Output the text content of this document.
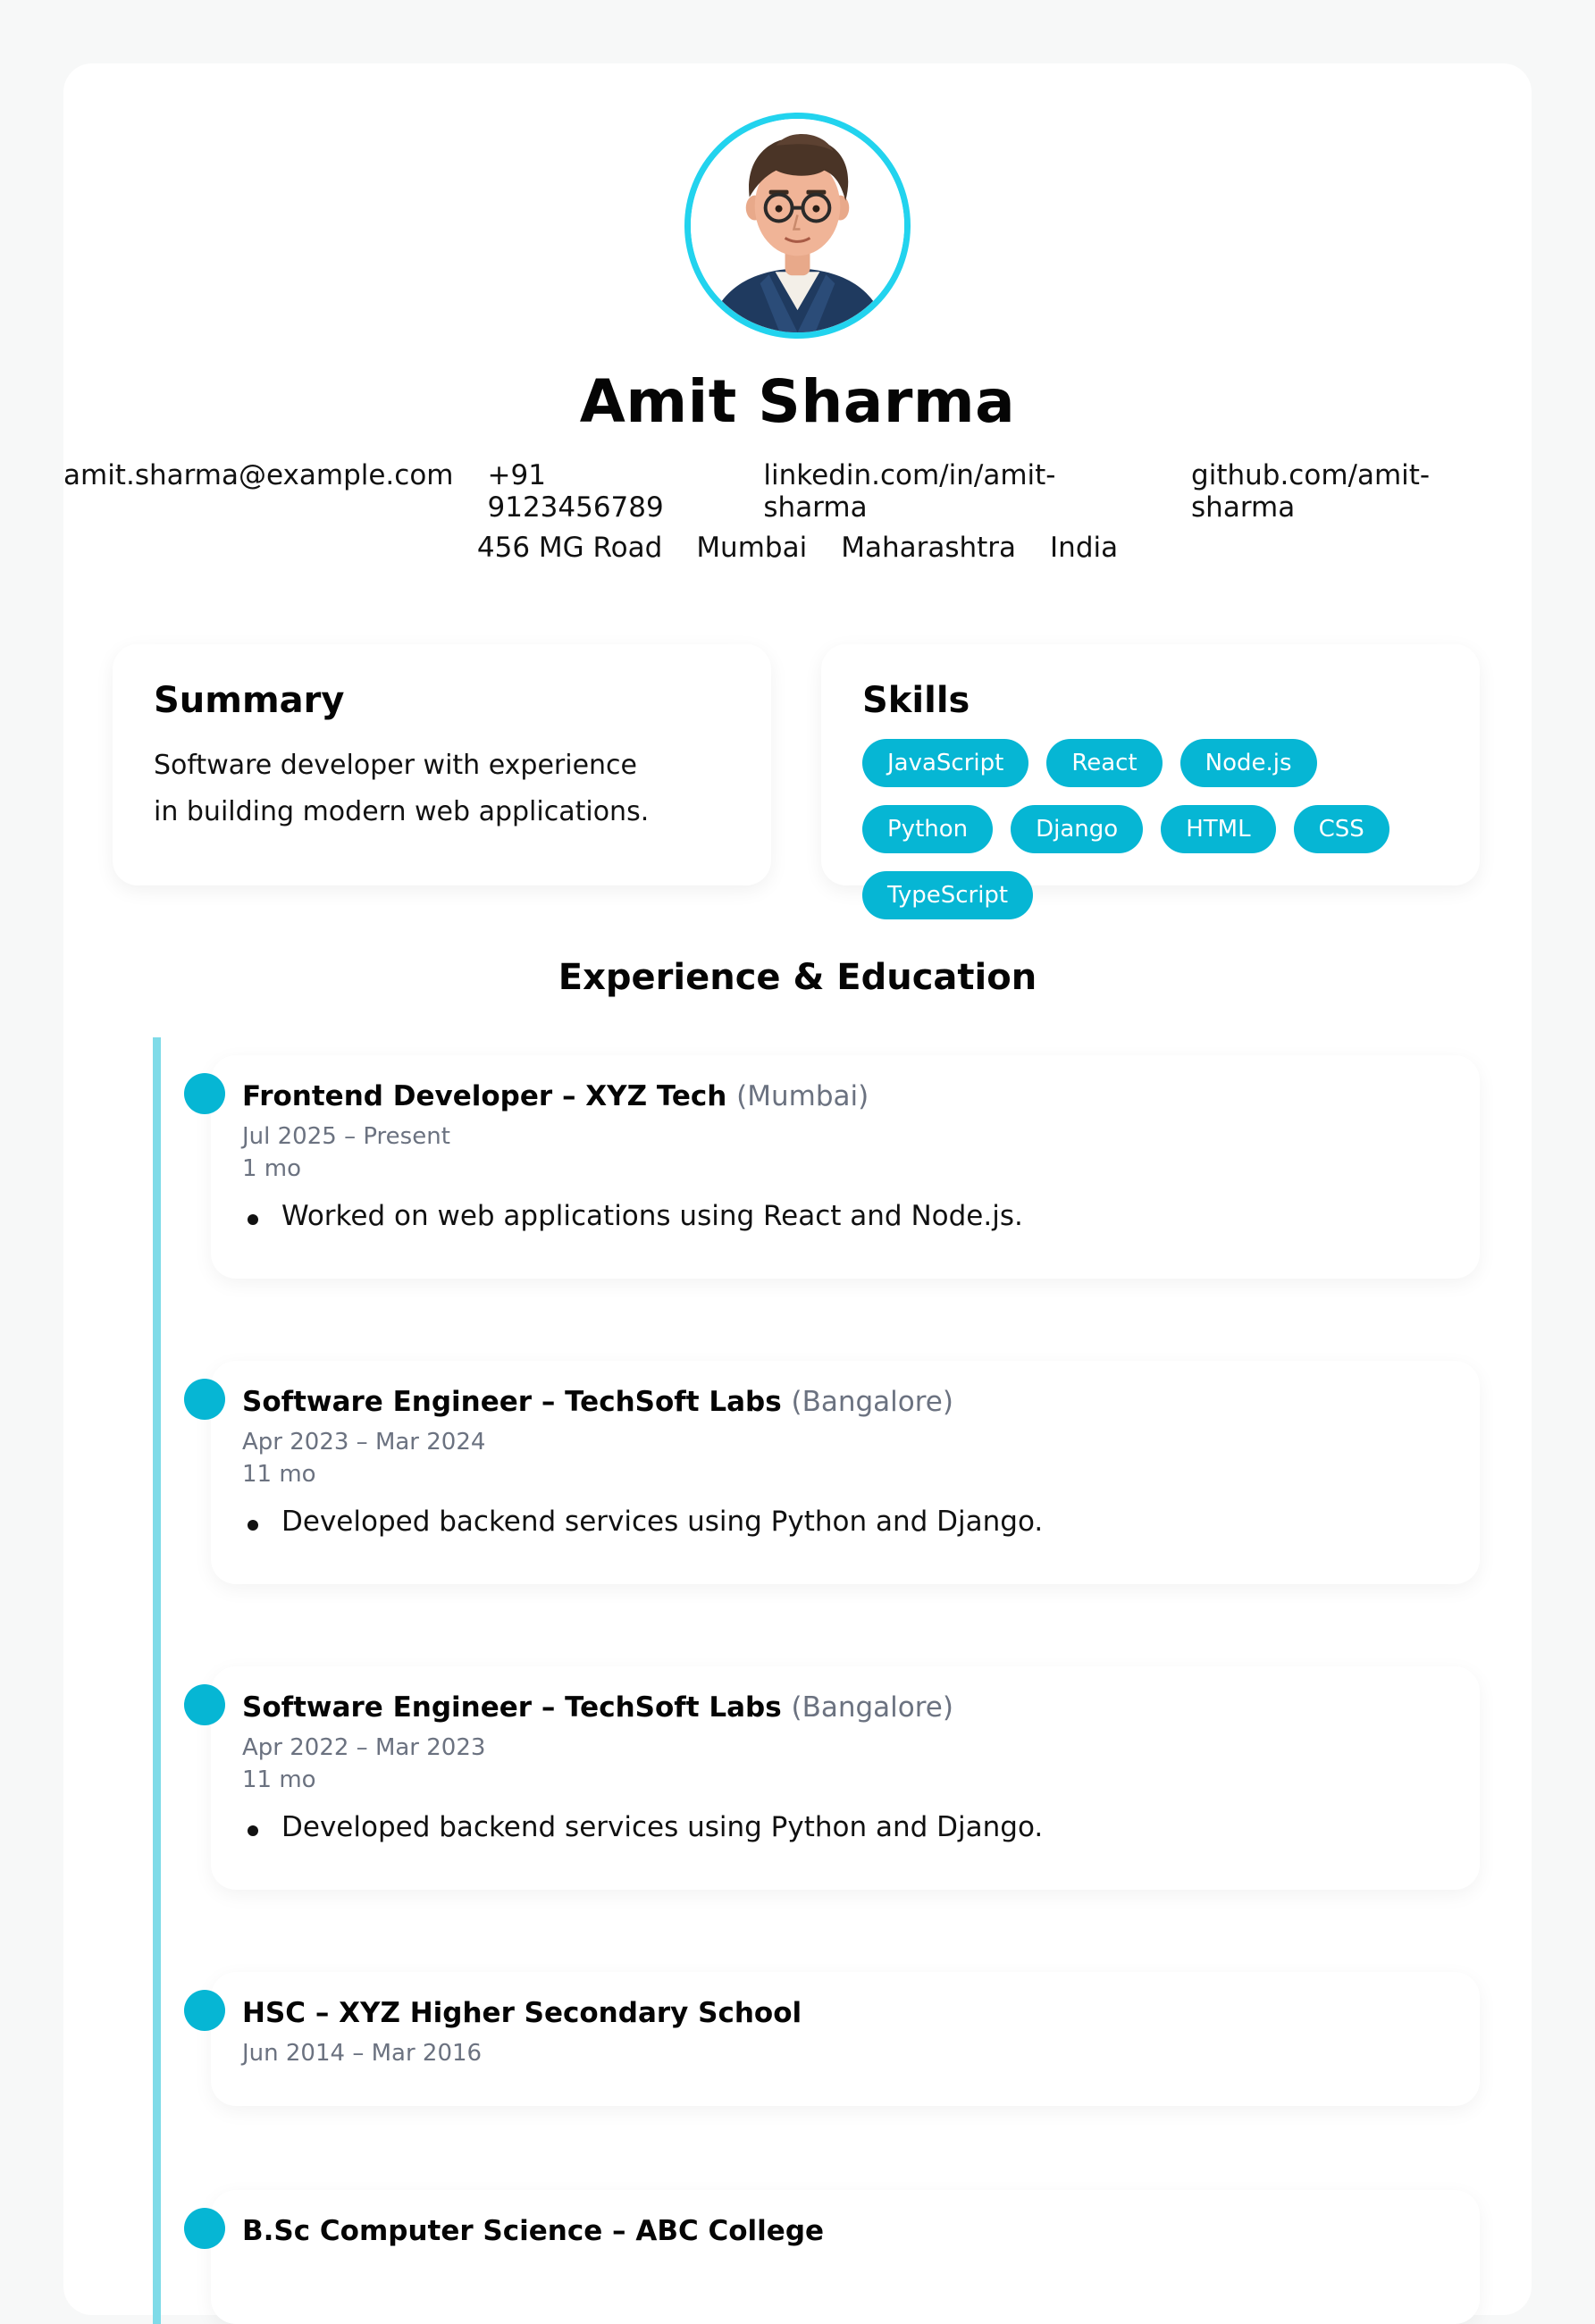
Amit Sharma
amit.sharma@example.com +91 9123456789
linkedin.com/in/amit-sharma
github.com/amit-sharma
456 MG Road Mumbai Maharashtra India
Summary

Software developer with experience in building modern web applications.

Skills
JavaScript	React	Node.js
Python	Django	HTML	CSS
TypeScript
Experience & Education
Frontend Developer – XYZ Tech (Mumbai)
Jul 2025 – Present
1 mo
Worked on web applications using React and Node.js.
Software Engineer – TechSoft Labs (Bangalore)
Apr 2023 – Mar 2024
11 mo
Developed backend services using Python and Django.
Software Engineer – TechSoft Labs (Bangalore)
Apr 2022 – Mar 2023
11 mo
Developed backend services using Python and Django.
HSC – XYZ Higher Secondary School
Jun 2014 – Mar 2016
B.Sc Computer Science – ABC College
